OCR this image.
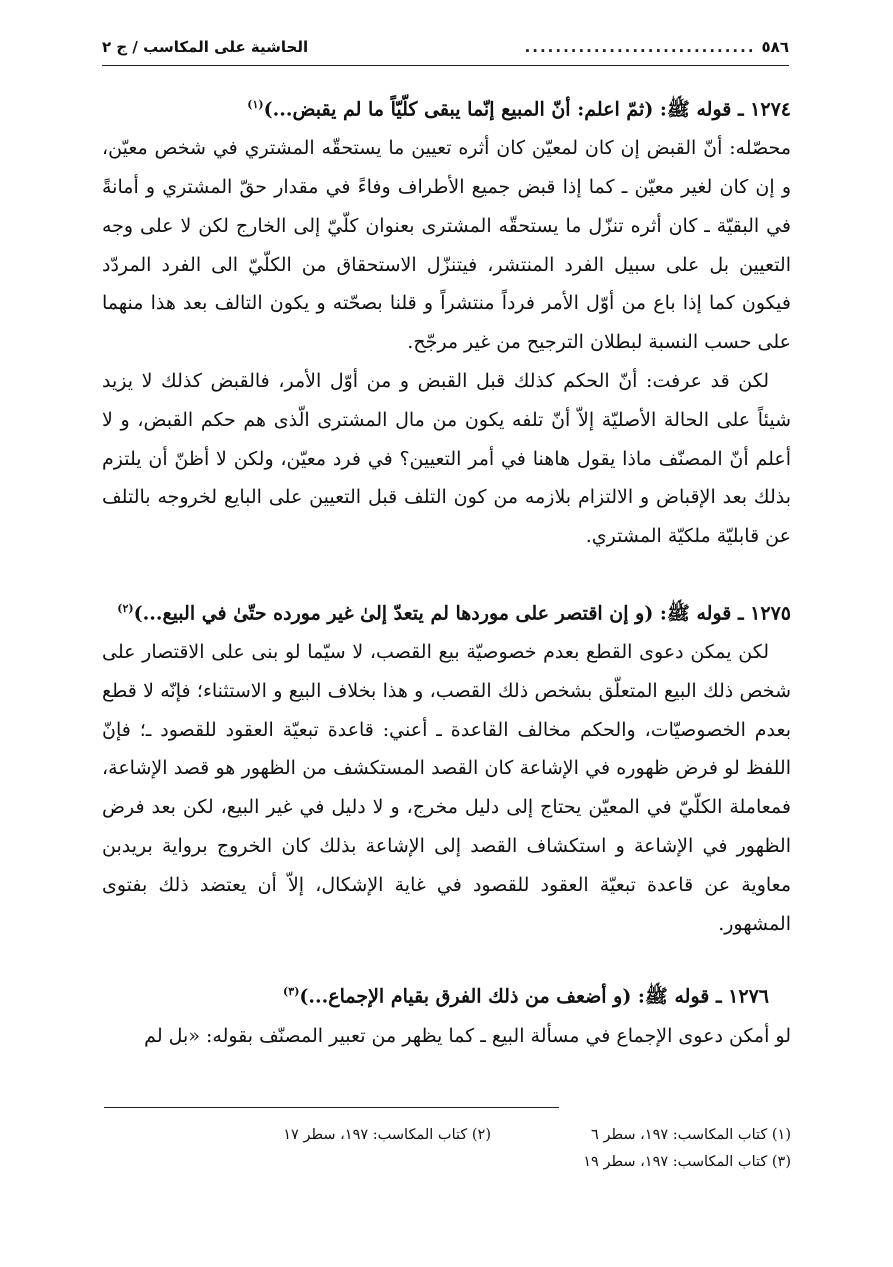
٥٨٦
..............................
الحاشية على المكاسب / ج ٢

١٢٧٤ ـ قوله ﷺ: (ثمّ اعلم: أنّ المبيع إنّما يبقى كلّيّاً ما لم يقبض...)$^{(١)}$

محصّله: أنّ القبض إن كان لمعيّن كان أثره تعيين ما يستحقّه المشتري في شخص معيّن، و إن كان لغير معيّن ـ كما إذا قبض جميع الأطراف وفاءً في مقدار حقّ المشتري و أمانةً في البقيّة ـ كان أثره تنزّل ما يستحقّه المشترى بعنوان كلّيّ إلى الخارج لكن لا على وجه التعيين بل على سبيل الفرد المنتشر، فيتنزّل الاستحقاق من الكلّيّ الى الفرد المردّد فيكون كما إذا باع من أوّل الأمر فرداً منتشراً و قلنا بصحّته و يكون التالف بعد هذا منهما على حسب النسبة لبطلان الترجيح من غير مرجّح.

لكن قد عرفت: أنّ الحكم كذلك قبل القبض و من أوّل الأمر، فالقبض كذلك لا يزيد شيئاً على الحالة الأصليّة إلاّ أنّ تلفه يكون من مال المشترى الّذى هم حكم القبض، و لا أعلم أنّ المصنّف ماذا يقول هاهنا في أمر التعيين؟ في فرد معيّن، ولكن لا أظنّ أن يلتزم بذلك بعد الإقباض و الالتزام بلازمه من كون التلف قبل التعيين على البايع لخروجه بالتلف عن قابليّة ملكيّة المشتري.

١٢٧٥ ـ قوله ﷺ: (و إن اقتصر على موردها لم يتعدّ إلىٰ غير مورده حتّىٰ في البيع...)$^{(٢)}$

لكن يمكن دعوى القطع بعدم خصوصيّة بيع القصب، لا سيّما لو بنى على الاقتصار على شخص ذلك البيع المتعلّق بشخص ذلك القصب، و هذا بخلاف البيع و الاستثناء؛ فإنّه لا قطع بعدم الخصوصيّات، والحكم مخالف القاعدة ـ أعني: قاعدة تبعيّة العقود للقصود ـ؛ فإنّ اللفظ لو فرض ظهوره في الإشاعة كان القصد المستكشف من الظهور هو قصد الإشاعة، فمعاملة الكلّيّ في المعيّن يحتاج إلى دليل مخرج، و لا دليل في غير البيع، لكن بعد فرض الظهور في الإشاعة و استكشاف القصد إلى الإشاعة بذلك كان الخروج برواية بريدبن معاوية عن قاعدة تبعيّة العقود للقصود في غاية الإشكال، إلاّ أن يعتضد ذلك بفتوى المشهور.

١٢٧٦ ـ قوله ﷺ: (و أضعف من ذلك الفرق بقيام الإجماع...)$^{(٣)}$

لو أمكن دعوى الإجماع في مسألة البيع ـ كما يظهر من تعبير المصنّف بقوله: «بل لم

(١) كتاب المكاسب: ١٩٧، سطر ٦
(٢) كتاب المكاسب: ١٩٧، سطر ١٧
(٣) كتاب المكاسب: ١٩٧، سطر ١٩
